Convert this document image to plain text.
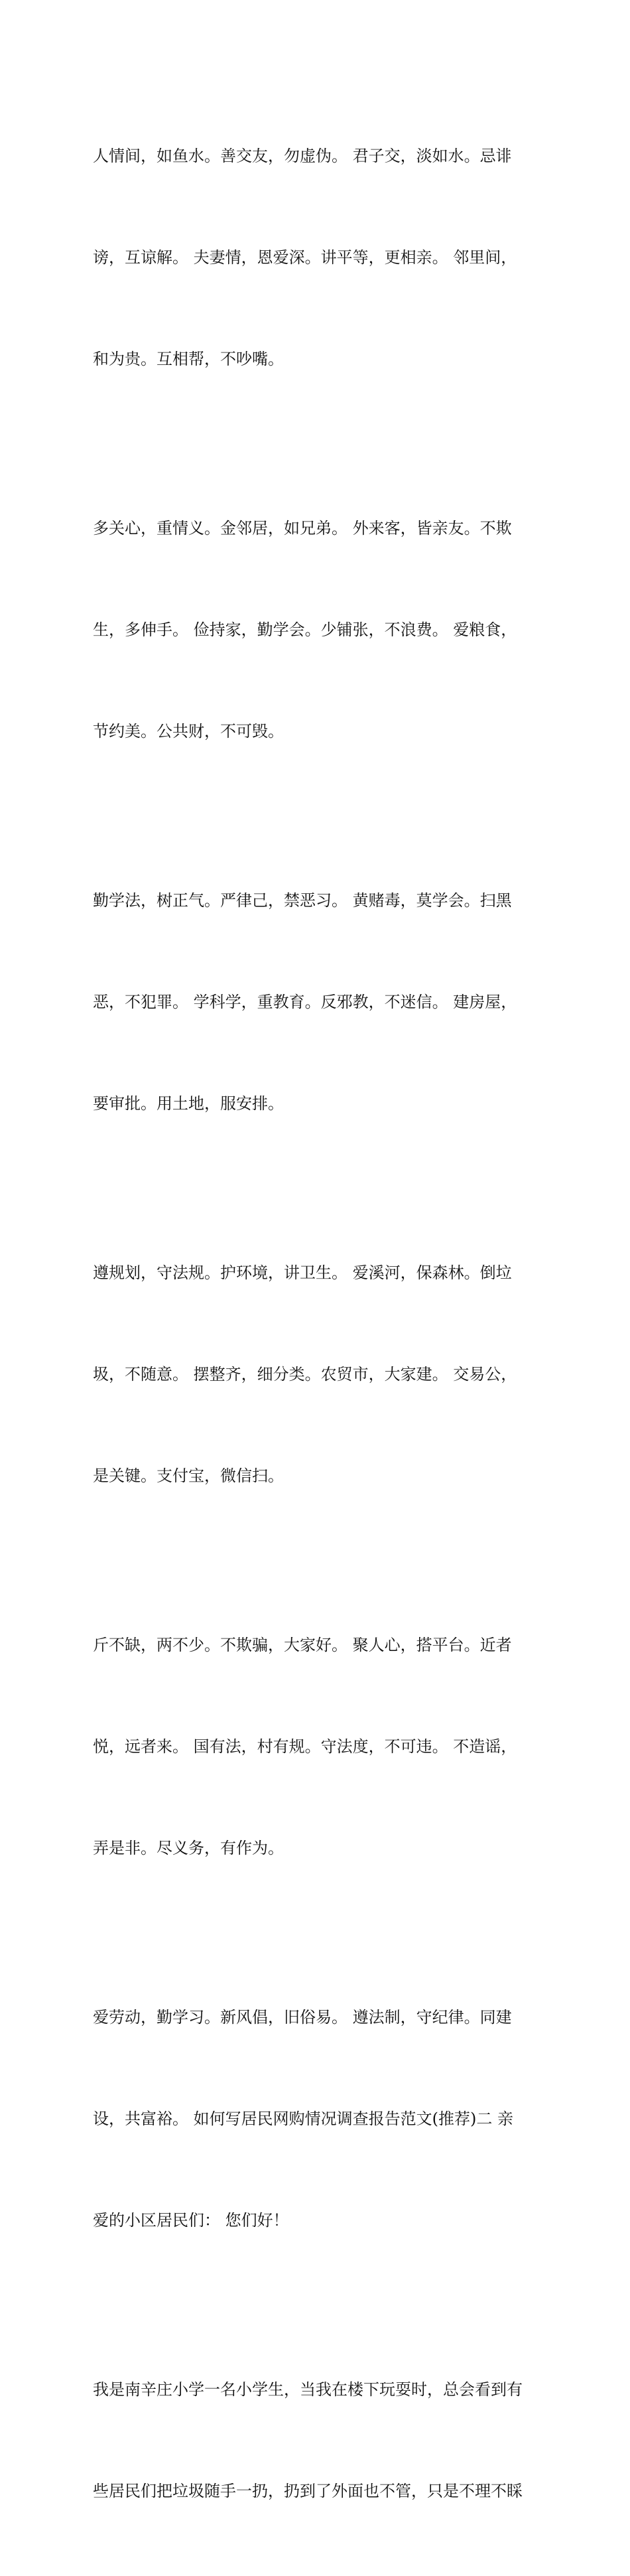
人情间，如鱼水。善交友，勿虚伪。 君子交，淡如水。忌诽

谤，互谅解。 夫妻情，恩爱深。讲平等，更相亲。 邻里间，

和为贵。互相帮，不吵嘴。

多关心，重情义。金邻居，如兄弟。 外来客，皆亲友。不欺

生，多伸手。 俭持家，勤学会。少铺张，不浪费。 爱粮食，

节约美。公共财，不可毁。

勤学法，树正气。严律己，禁恶习。 黄赌毒，莫学会。扫黑

恶，不犯罪。 学科学，重教育。反邪教，不迷信。 建房屋，

要审批。用土地，服安排。

遵规划，守法规。护环境，讲卫生。 爱溪河，保森林。倒垃

圾，不随意。 摆整齐，细分类。农贸市，大家建。 交易公，

是关键。支付宝，微信扫。

斤不缺，两不少。不欺骗，大家好。 聚人心，搭平台。近者

悦，远者来。 国有法，村有规。守法度，不可违。 不造谣，

弄是非。尽义务，有作为。

爱劳动，勤学习。新风倡，旧俗易。 遵法制，守纪律。同建

设，共富裕。 如何写居民网购情况调查报告范文(推荐)二 亲

爱的小区居民们： 您们好！

我是南辛庄小学一名小学生，当我在楼下玩耍时，总会看到有

些居民们把垃圾随手一扔，扔到了外面也不管，只是不理不睬
